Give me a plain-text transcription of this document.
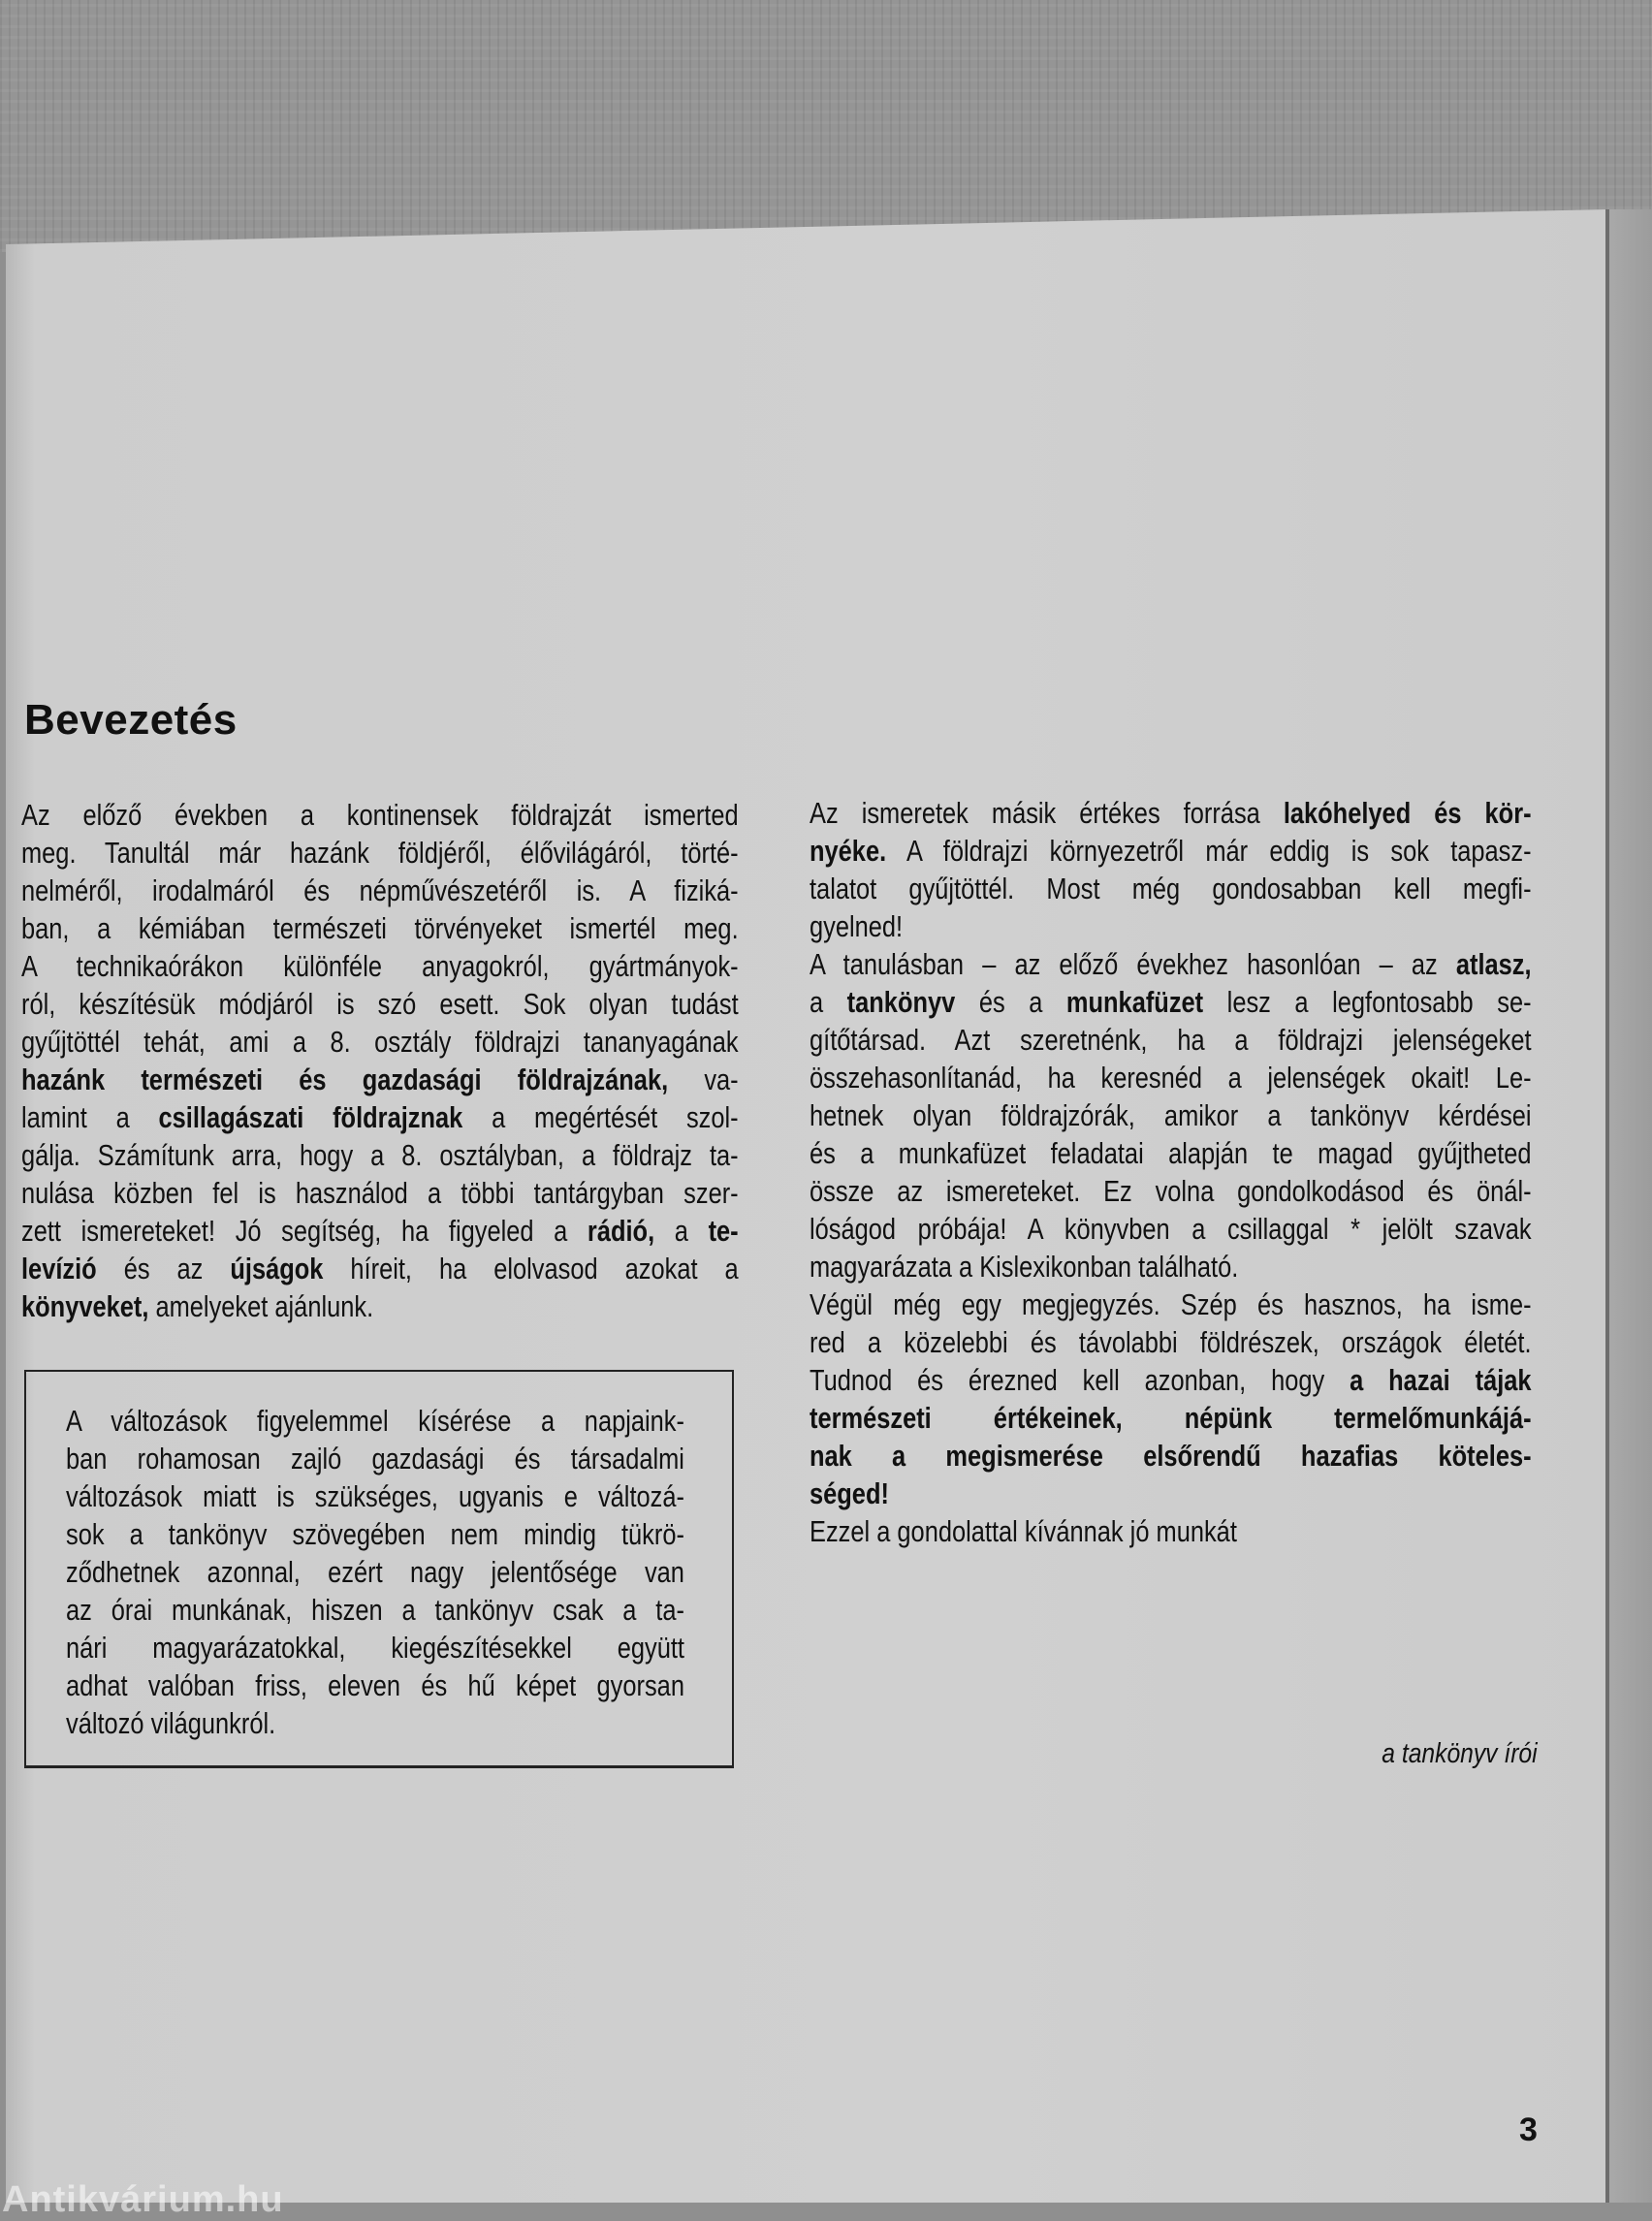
Bevezetés
Az előző években a kontinensek földrajzát ismerted
meg. Tanultál már hazánk földjéről, élővilágáról, törté-
nelméről, irodalmáról és népművészetéről is. A fiziká-
ban, a kémiában természeti törvényeket ismertél meg.
A technikaórákon különféle anyagokról, gyártmányok-
ról, készítésük módjáról is szó esett. Sok olyan tudást
gyűjtöttél tehát, ami a 8. osztály földrajzi tananyagának
hazánk természeti és gazdasági földrajzának, va-
lamint a csillagászati földrajznak a megértését szol-
gálja. Számítunk arra, hogy a 8. osztályban, a földrajz ta-
nulása közben fel is használod a többi tantárgyban szer-
zett ismereteket! Jó segítség, ha figyeled a rádió, a te-
levízió és az újságok híreit, ha elolvasod azokat a
könyveket, amelyeket ajánlunk.
A változások figyelemmel kísérése a napjaink-
ban rohamosan zajló gazdasági és társadalmi
változások miatt is szükséges, ugyanis e változá-
sok a tankönyv szövegében nem mindig tükrö-
ződhetnek azonnal, ezért nagy jelentősége van
az órai munkának, hiszen a tankönyv csak a ta-
nári magyarázatokkal, kiegészítésekkel együtt
adhat valóban friss, eleven és hű képet gyorsan
változó világunkról.
Az ismeretek másik értékes forrása lakóhelyed és kör-
nyéke. A földrajzi környezetről már eddig is sok tapasz-
talatot gyűjtöttél. Most még gondosabban kell megfi-
gyelned!
A tanulásban – az előző évekhez hasonlóan – az atlasz,
a tankönyv és a munkafüzet lesz a legfontosabb se-
gítőtársad. Azt szeretnénk, ha a földrajzi jelenségeket
összehasonlítanád, ha keresnéd a jelenségek okait! Le-
hetnek olyan földrajzórák, amikor a tankönyv kérdései
és a munkafüzet feladatai alapján te magad gyűjtheted
össze az ismereteket. Ez volna gondolkodásod és önál-
lóságod próbája! A könyvben a csillaggal * jelölt szavak
magyarázata a Kislexikonban található.
Végül még egy megjegyzés. Szép és hasznos, ha isme-
red a közelebbi és távolabbi földrészek, országok életét.
Tudnod és érezned kell azonban, hogy a hazai tájak
természeti értékeinek, népünk termelőmunkájá-
nak a megismerése elsőrendű hazafias köteles-
séged!
Ezzel a gondolattal kívánnak jó munkát
a tankönyv írói
3
Antikvárium.hu
